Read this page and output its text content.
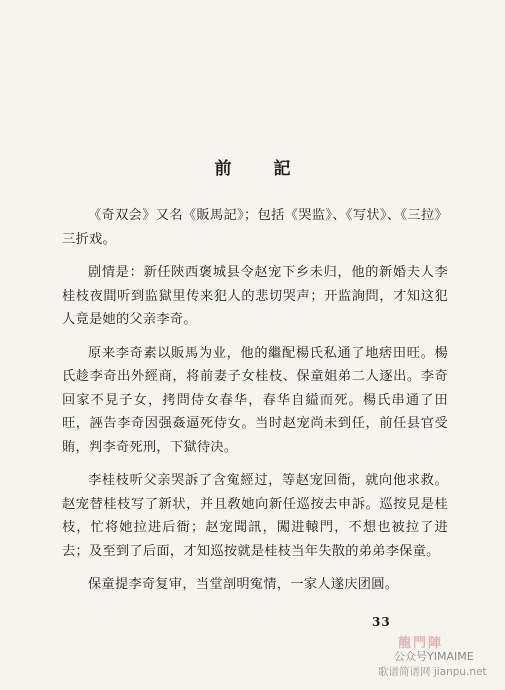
前 記

《奇双会》又名《販馬記》；包括《哭监》、《写状》、《三拉》三折戏。

剧情是：新任陝西褒城县令赵宠下乡未归，他的新婚夫人李桂枝夜間听到监獄里传来犯人的悲切哭声；开监詢問，才知这犯人竟是她的父亲李奇。

原来李奇素以販馬为业，他的繼配楊氏私通了地痞田旺。楊氏趁李奇出外經商，将前妻子女桂枝、保童姐弟二人逐出。李奇回家不見子女，拷問侍女春华，春华自縊而死。楊氏串通了田旺，誣告李奇因强姦逼死侍女。当时赵宠尚未到任，前任县官受賄，判李奇死刑，下獄待决。

李桂枝听父亲哭訴了含寃經过，等赵宠回衙，就向他求救。赵宠替桂枝写了新状，并且敎她向新任巡按去申訴。巡按見是桂枝，忙将她拉进后衙；赵宠聞訊，闖进轅門，不想也被拉了进去；及至到了后面，才知巡按就是桂枝当年失散的弟弟李保童。

保童提李奇复审，当堂剖明寃情，一家人遂庆团圓。

33
龍門陣
公众号YIMAIME
歌谱简谱网 jianpu.net
